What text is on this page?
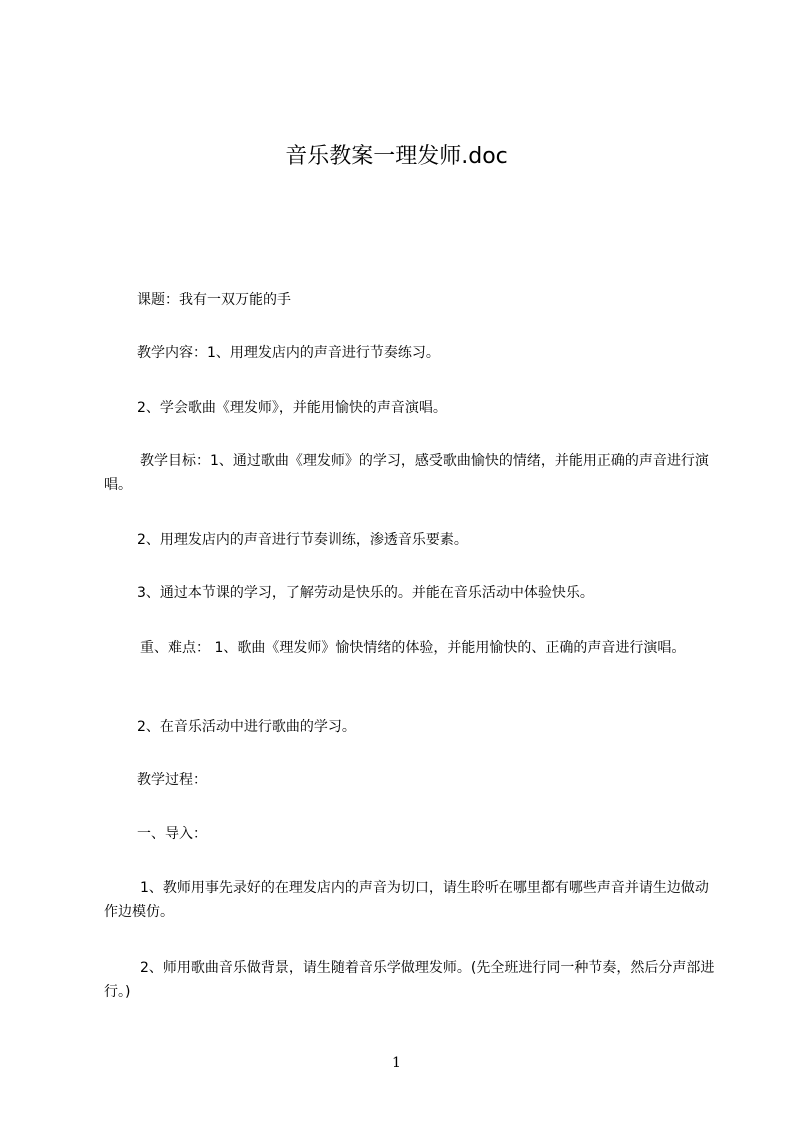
音乐教案一理发师.doc

课题：我有一双万能的手

教学内容：1、用理发店内的声音进行节奏练习。

2、学会歌曲《理发师》，并能用愉快的声音演唱。

教学目标：1、通过歌曲《理发师》的学习，感受歌曲愉快的情绪，并能用正确的声音进行演唱。

2、用理发店内的声音进行节奏训练，渗透音乐要素。

3、通过本节课的学习，了解劳动是快乐的。并能在音乐活动中体验快乐。

重、难点： 1、歌曲《理发师》愉快情绪的体验，并能用愉快的、正确的声音进行演唱。

2、在音乐活动中进行歌曲的学习。

教学过程：

一、导入：

1、教师用事先录好的在理发店内的声音为切口，请生聆听在哪里都有哪些声音并请生边做动作边模仿。

2、师用歌曲音乐做背景，请生随着音乐学做理发师。(先全班进行同一种节奏，然后分声部进行。)

1
